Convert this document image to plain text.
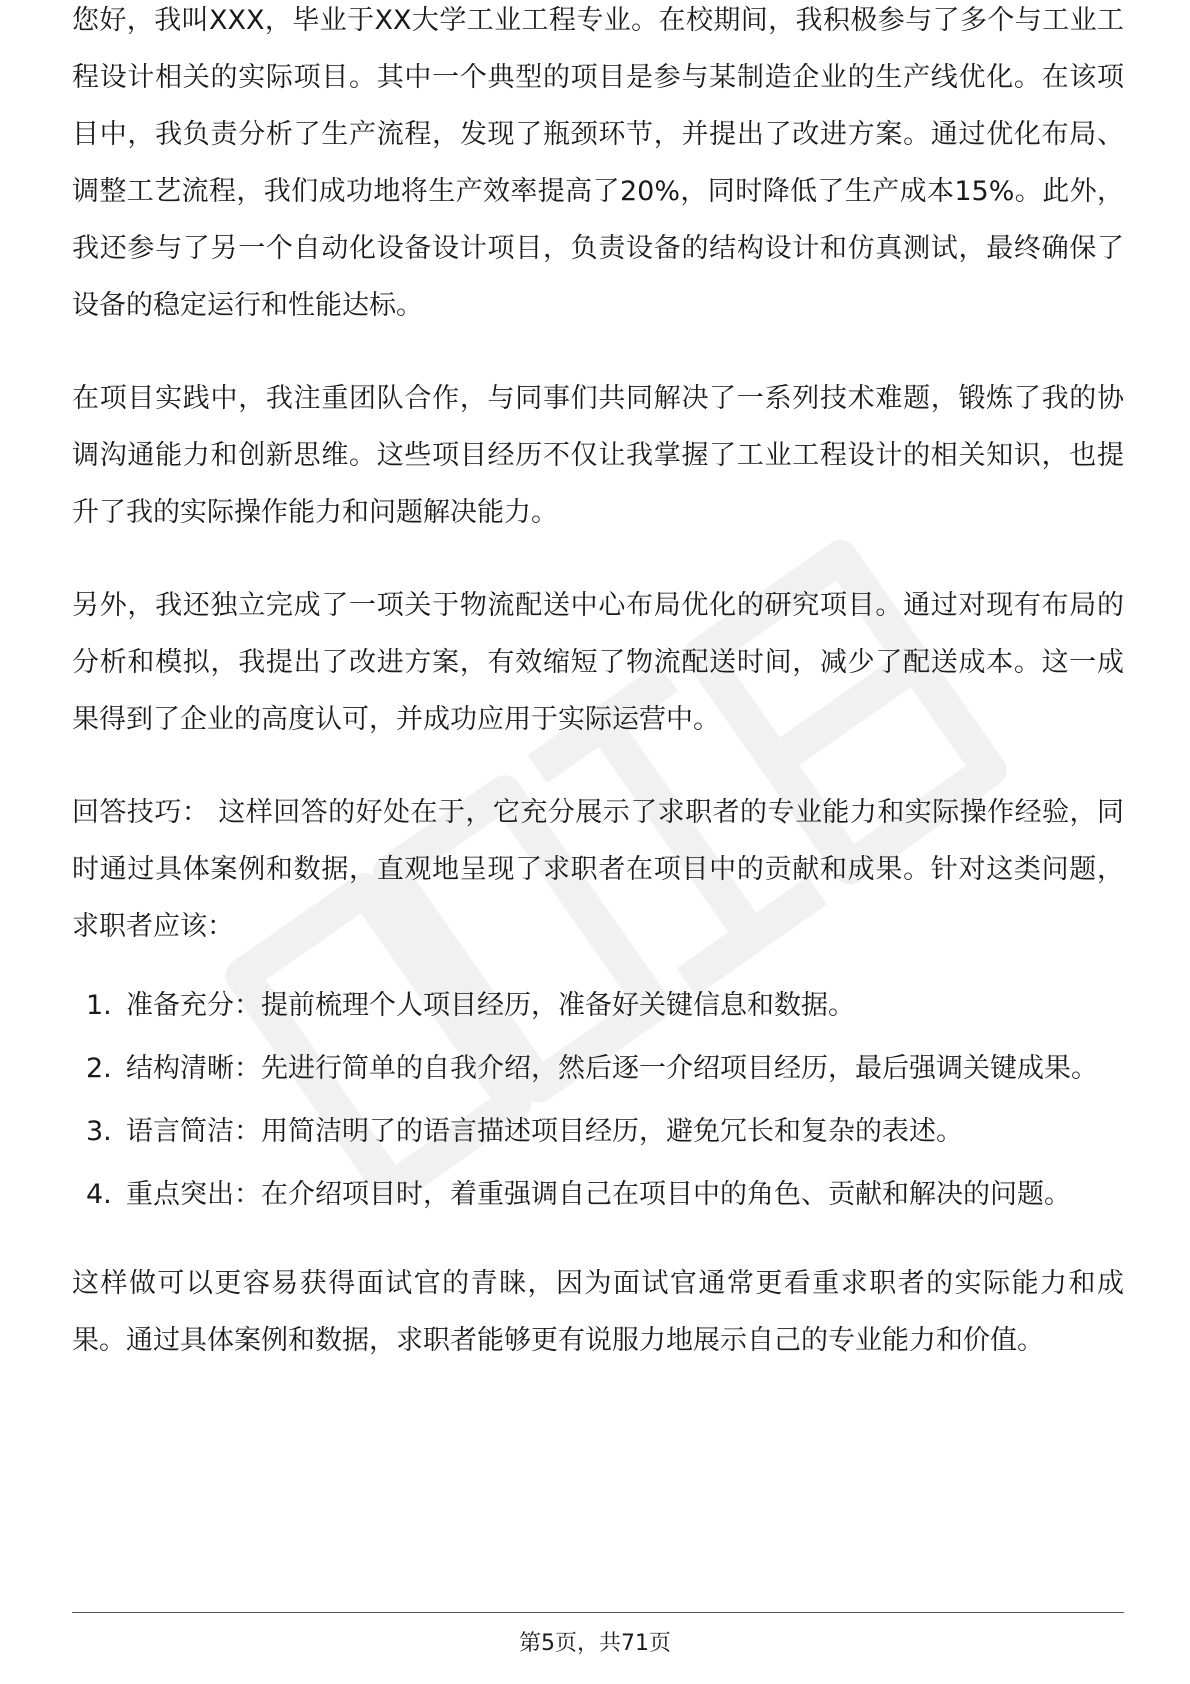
您好，我叫XXX，毕业于XX大学工业工程专业。在校期间，我积极参与了多个与工业工程设计相关的实际项目。其中一个典型的项目是参与某制造企业的生产线优化。在该项目中，我负责分析了生产流程，发现了瓶颈环节，并提出了改进方案。通过优化布局、调整工艺流程，我们成功地将生产效率提高了20%，同时降低了生产成本15%。此外，我还参与了另一个自动化设备设计项目，负责设备的结构设计和仿真测试，最终确保了设备的稳定运行和性能达标。

在项目实践中，我注重团队合作，与同事们共同解决了一系列技术难题，锻炼了我的协调沟通能力和创新思维。这些项目经历不仅让我掌握了工业工程设计的相关知识，也提升了我的实际操作能力和问题解决能力。

另外，我还独立完成了一项关于物流配送中心布局优化的研究项目。通过对现有布局的分析和模拟，我提出了改进方案，有效缩短了物流配送时间，减少了配送成本。这一成果得到了企业的高度认可，并成功应用于实际运营中。

回答技巧： 这样回答的好处在于，它充分展示了求职者的专业能力和实际操作经验，同时通过具体案例和数据，直观地呈现了求职者在项目中的贡献和成果。针对这类问题，求职者应该：

1. 准备充分：提前梳理个人项目经历，准备好关键信息和数据。
2. 结构清晰：先进行简单的自我介绍，然后逐一介绍项目经历，最后强调关键成果。
3. 语言简洁：用简洁明了的语言描述项目经历，避免冗长和复杂的表述。
4. 重点突出：在介绍项目时，着重强调自己在项目中的角色、贡献和解决的问题。

这样做可以更容易获得面试官的青睐，因为面试官通常更看重求职者的实际能力和成果。通过具体案例和数据，求职者能够更有说服力地展示自己的专业能力和价值。

第5页，共71页
